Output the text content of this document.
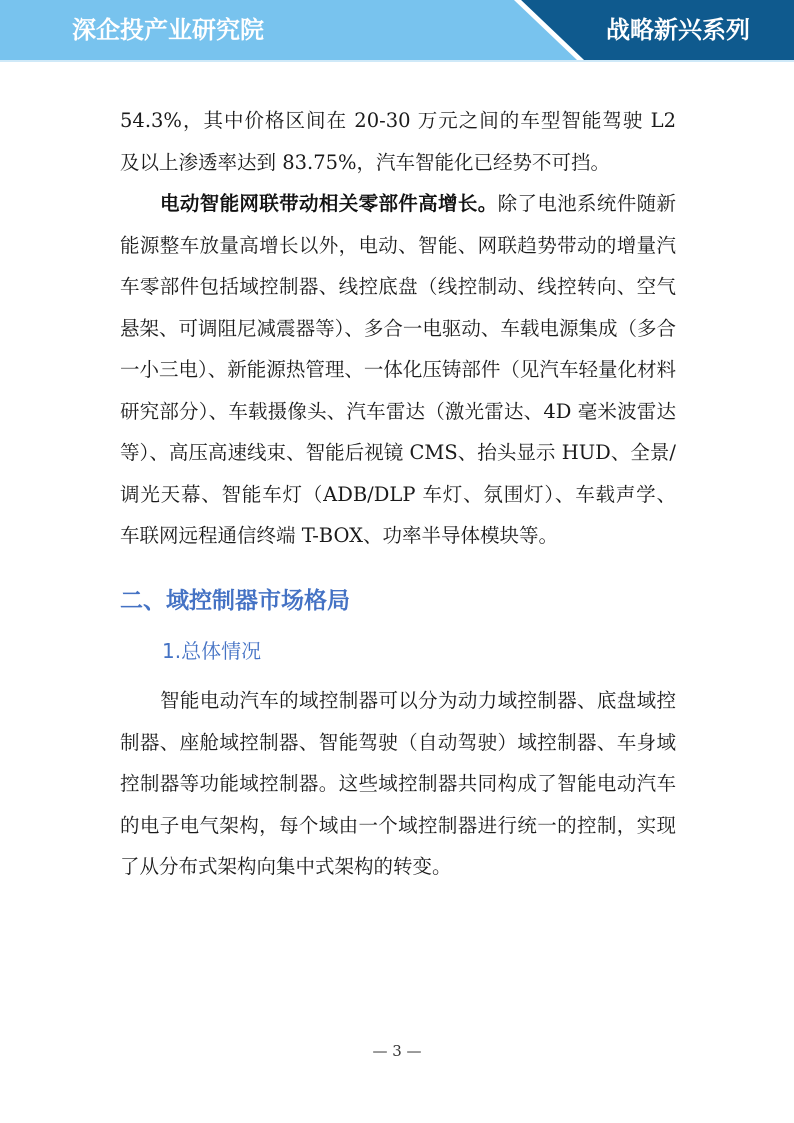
深企投产业研究院	战略新兴系列

54.3%，其中价格区间在 20-30 万元之间的车型智能驾驶 L2 及以上渗透率达到 83.75%，汽车智能化已经势不可挡。

电动智能网联带动相关零部件高增长。除了电池系统件随新能源整车放量高增长以外，电动、智能、网联趋势带动的增量汽车零部件包括域控制器、线控底盘（线控制动、线控转向、空气悬架、可调阻尼减震器等）、多合一电驱动、车载电源集成（多合一小三电）、新能源热管理、一体化压铸部件（见汽车轻量化材料研究部分）、车载摄像头、汽车雷达（激光雷达、4D 毫米波雷达等）、高压高速线束、智能后视镜 CMS、抬头显示 HUD、全景/调光天幕、智能车灯（ADB/DLP 车灯、氛围灯）、车载声学、车联网远程通信终端 T-BOX、功率半导体模块等。

二、域控制器市场格局
1.总体情况

智能电动汽车的域控制器可以分为动力域控制器、底盘域控制器、座舱域控制器、智能驾驶（自动驾驶）域控制器、车身域控制器等功能域控制器。这些域控制器共同构成了智能电动汽车的电子电气架构，每个域由一个域控制器进行统一的控制，实现了从分布式架构向集中式架构的转变。

— 3 —
